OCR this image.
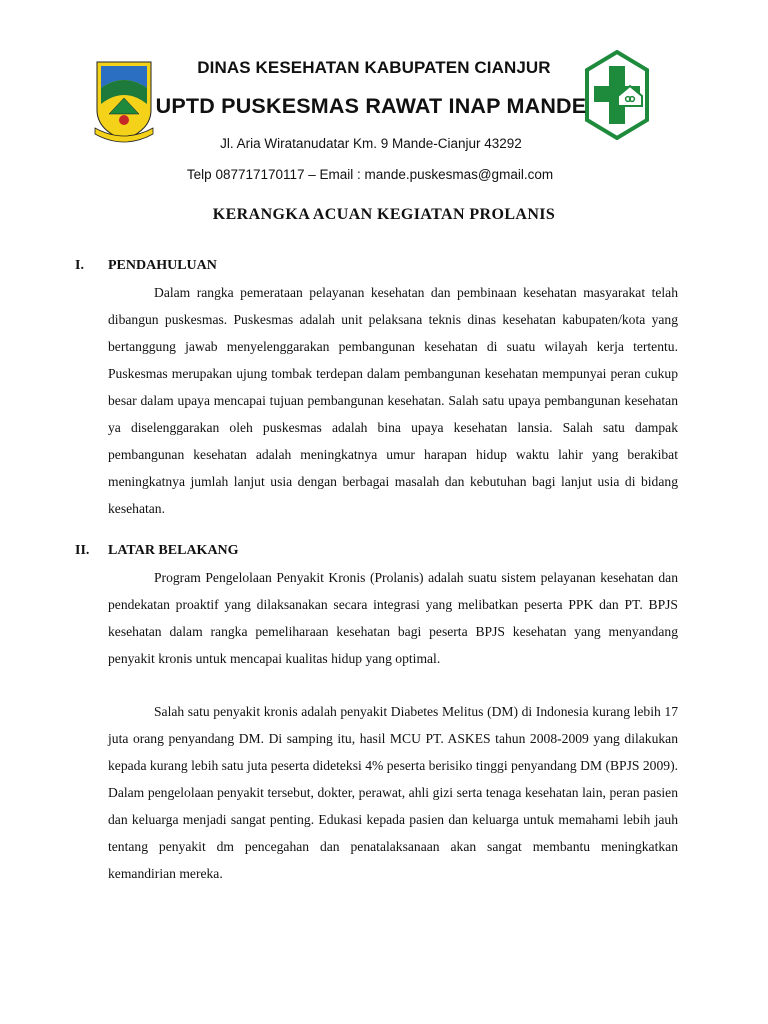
DINAS KESEHATAN KABUPATEN CIANJUR
UPTD PUSKESMAS RAWAT INAP MANDE
Jl. Aria Wiratanudatar Km. 9 Mande-Cianjur 43292
Telp 087717170117 – Email : mande.puskesmas@gmail.com
KERANGKA ACUAN KEGIATAN PROLANIS
I. PENDAHULUAN

Dalam rangka pemerataan pelayanan kesehatan dan pembinaan kesehatan masyarakat telah dibangun puskesmas. Puskesmas adalah unit pelaksana teknis dinas kesehatan kabupaten/kota yang bertanggung jawab menyelenggarakan pembangunan kesehatan di suatu wilayah kerja tertentu. Puskesmas merupakan ujung tombak terdepan dalam pembangunan kesehatan mempunyai peran cukup besar dalam upaya mencapai tujuan pembangunan kesehatan. Salah satu upaya pembangunan kesehatan ya diselenggarakan oleh puskesmas adalah bina upaya kesehatan lansia. Salah satu dampak pembangunan kesehatan adalah meningkatnya umur harapan hidup waktu lahir yang berakibat meningkatnya jumlah lanjut usia dengan berbagai masalah dan kebutuhan bagi lanjut usia di bidang kesehatan.

II. LATAR BELAKANG

Program Pengelolaan Penyakit Kronis (Prolanis) adalah suatu sistem pelayanan kesehatan dan pendekatan proaktif yang dilaksanakan secara integrasi yang melibatkan peserta PPK dan PT. BPJS kesehatan dalam rangka pemeliharaan kesehatan bagi peserta BPJS kesehatan yang menyandang penyakit kronis untuk mencapai kualitas hidup yang optimal.

Salah satu penyakit kronis adalah penyakit Diabetes Melitus (DM) di Indonesia kurang lebih 17 juta orang penyandang DM. Di samping itu, hasil MCU PT. ASKES tahun 2008-2009 yang dilakukan kepada kurang lebih satu juta peserta dideteksi 4% peserta berisiko tinggi penyandang DM (BPJS 2009). Dalam pengelolaan penyakit tersebut, dokter, perawat, ahli gizi serta tenaga kesehatan lain, peran pasien dan keluarga menjadi sangat penting. Edukasi kepada pasien dan keluarga untuk memahami lebih jauh tentang penyakit dm pencegahan dan penatalaksanaan akan sangat membantu meningkatkan kemandirian mereka.
